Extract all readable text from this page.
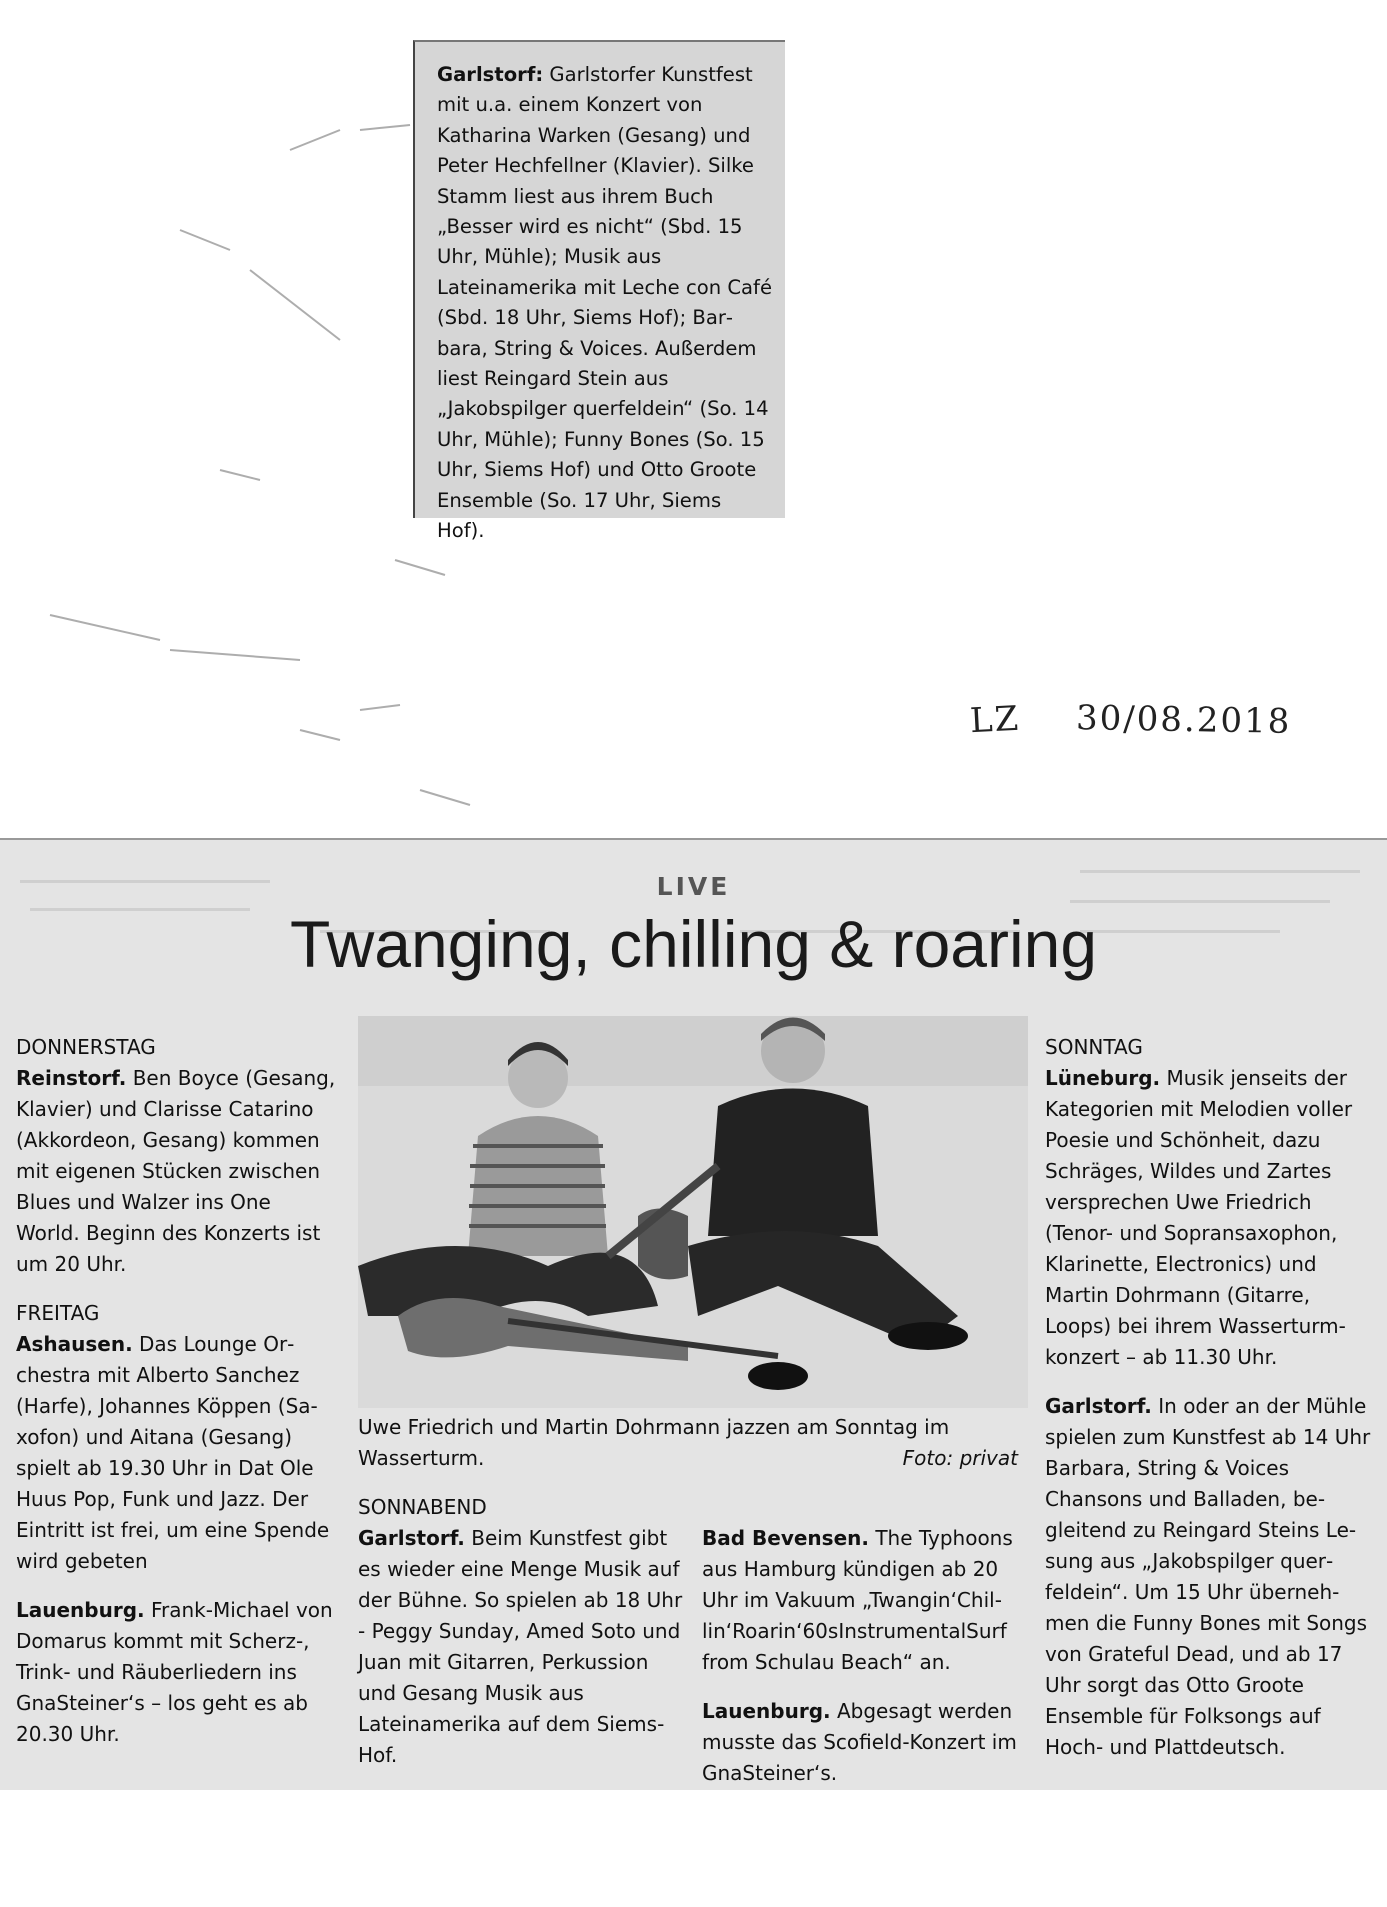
Garlstorf: Garlstorfer Kunstfest mit u.a. einem Konzert von Katharina Warken (Gesang) und Peter Hechfellner (Klavier). Silke Stamm liest aus ihrem Buch „Besser wird es nicht“ (Sbd. 15 Uhr, Mühle); Musik aus Lateinamerika mit Leche con Café (Sbd. 18 Uhr, Siems Hof); Barbara, String & Voices. Außerdem liest Reingard Stein aus „Jakobspilger querfeldein“ (So. 14 Uhr, Mühle); Funny Bones (So. 15 Uhr, Siems Hof) und Otto Groote Ensemble (So. 17 Uhr, Siems Hof).

LZ 30/08.2018
LIVE
Twanging, chilling & roaring

DONNERSTAG
Reinstorf. Ben Boyce (Gesang, Klavier) und Clarisse Catarino (Akkordeon, Gesang) kommen mit eigenen Stücken zwischen Blues und Walzer ins One World. Beginn des Konzerts ist um 20 Uhr.

FREITAG
Ashausen. Das Lounge Orchestra mit Alberto Sanchez (Harfe), Johannes Köppen (Saxofon) und Aitana (Gesang) spielt ab 19.30 Uhr in Dat Ole Huus Pop, Funk und Jazz. Der Eintritt ist frei, um eine Spende wird gebeten

Lauenburg. Frank-Michael von Domarus kommt mit Scherz-, Trink- und Räuberliedern ins GnaSteiner‘s – los geht es ab 20.30 Uhr.

Uwe Friedrich und Martin Dohrmann jazzen am Sonntag im Wasserturm.	Foto: privat

SONNABEND
Garlstorf. Beim Kunstfest gibt es wieder eine Menge Musik auf der Bühne. So spielen ab 18 Uhr - Peggy Sunday, Amed Soto und Juan mit Gitarren, Perkussion und Gesang Musik aus Lateinamerika auf dem Siems-Hof.

Bad Bevensen. The Typhoons aus Hamburg kündigen ab 20 Uhr im Vakuum „Twangin‘Chillin‘Roarin‘60sInstrumentalSurf from Schulau Beach“ an.

Lauenburg. Abgesagt werden musste das Scofield-Konzert im GnaSteiner‘s.

SONNTAG
Lüneburg. Musik jenseits der Kategorien mit Melodien voller Poesie und Schönheit, dazu Schräges, Wildes und Zartes versprechen Uwe Friedrich (Tenor- und Sopransaxophon, Klarinette, Electronics) und Martin Dohrmann (Gitarre, Loops) bei ihrem Wasserturmkonzert – ab 11.30 Uhr.

Garlstorf. In oder an der Mühle spielen zum Kunstfest ab 14 Uhr Barbara, String & Voices Chansons und Balladen, begleitend zu Reingard Steins Lesung aus „Jakobspilger querfeldein“. Um 15 Uhr übernehmen die Funny Bones mit Songs von Grateful Dead, und ab 17 Uhr sorgt das Otto Groote Ensemble für Folksongs auf Hoch- und Plattdeutsch.
